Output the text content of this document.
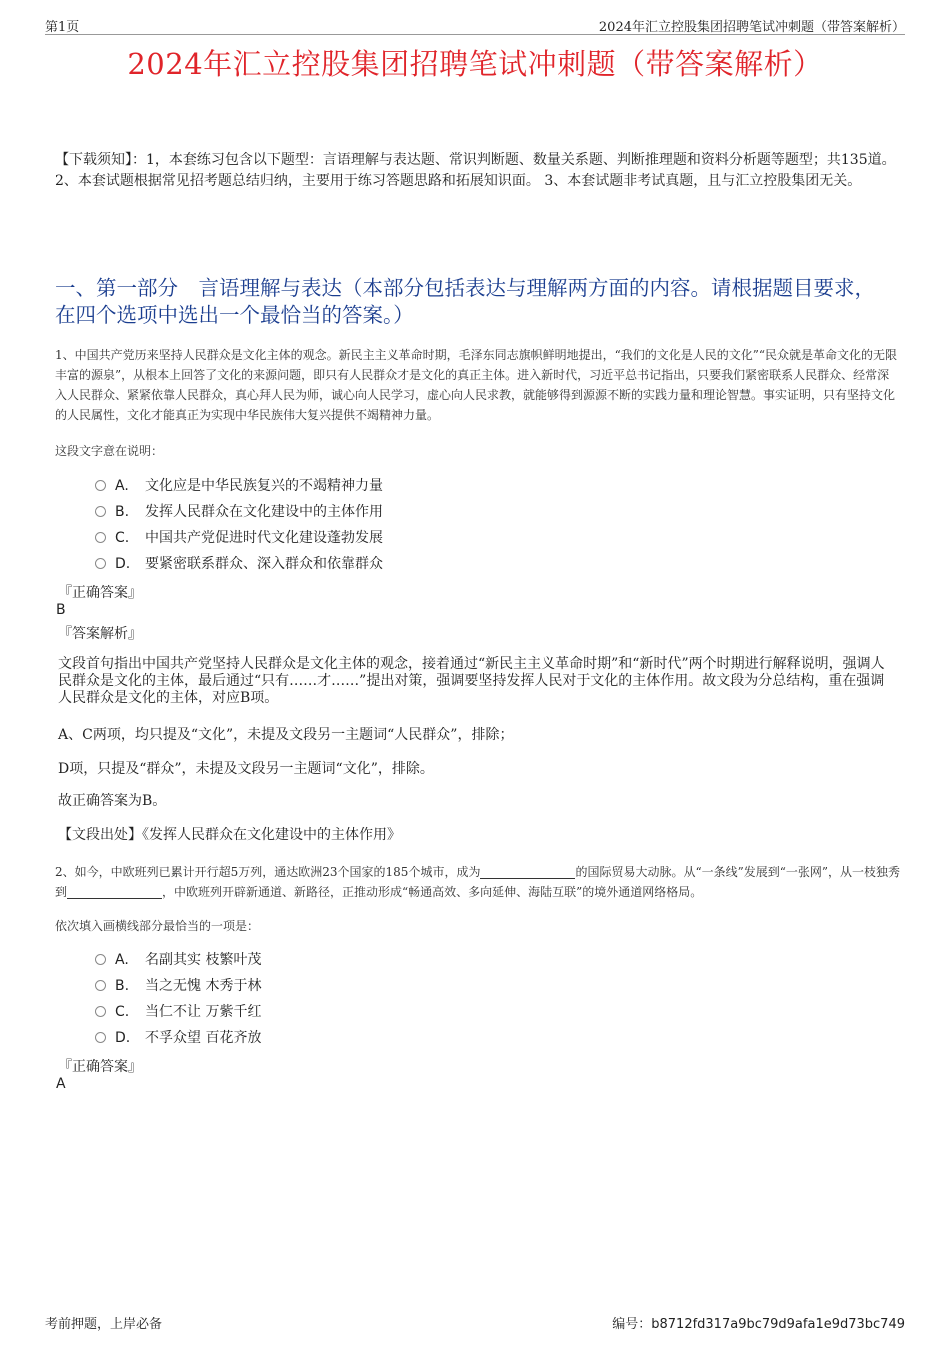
第1页	2024年汇立控股集团招聘笔试冲刺题（带答案解析）
2024年汇立控股集团招聘笔试冲刺题（带答案解析）
【下载须知】：1，本套练习包含以下题型：言语理解与表达题、常识判断题、数量关系题、判断推理题和资料分析题等题型；共135道。 2、本套试题根据常见招考题总结归纳，主要用于练习答题思路和拓展知识面。 3、本套试题非考试真题，且与汇立控股集团无关。
一、第一部分　言语理解与表达（本部分包括表达与理解两方面的内容。请根据题目要求，在四个选项中选出一个最恰当的答案。）
1、中国共产党历来坚持人民群众是文化主体的观念。新民主主义革命时期，毛泽东同志旗帜鲜明地提出，“我们的文化是人民的文化”“民众就是革命文化的无限丰富的源泉”，从根本上回答了文化的来源问题，即只有人民群众才是文化的真正主体。进入新时代，习近平总书记指出，只要我们紧密联系人民群众、经常深入人民群众、紧紧依靠人民群众，真心拜人民为师，诚心向人民学习，虚心向人民求教，就能够得到源源不断的实践力量和理论智慧。事实证明，只有坚持文化的人民属性，文化才能真正为实现中华民族伟大复兴提供不竭精神力量。
这段文字意在说明：
A. 文化应是中华民族复兴的不竭精神力量
B. 发挥人民群众在文化建设中的主体作用
C. 中国共产党促进时代文化建设蓬勃发展
D. 要紧密联系群众、深入群众和依靠群众
『正确答案』
B
『答案解析』
文段首句指出中国共产党坚持人民群众是文化主体的观念，接着通过“新民主主义革命时期”和“新时代”两个时期进行解释说明，强调人民群众是文化的主体，最后通过“只有……才……”提出对策，强调要坚持发挥人民对于文化的主体作用。故文段为分总结构，重在强调人民群众是文化的主体，对应B项。
A、C两项，均只提及“文化”，未提及文段另一主题词“人民群众”，排除；
D项，只提及“群众”，未提及文段另一主题词“文化”，排除。
故正确答案为B。
【文段出处】《发挥人民群众在文化建设中的主体作用》
2、如今，中欧班列已累计开行超5万列，通达欧洲23个国家的185个城市，成为	的国际贸易大动脉。从“一条线”发展到“一张网”，从一枝独秀到	，中欧班列开辟新通道、新路径，正推动形成“畅通高效、多向延伸、海陆互联”的境外通道网络格局。
依次填入画横线部分最恰当的一项是：
A. 名副其实 枝繁叶茂
B. 当之无愧 木秀于林
C. 当仁不让 万紫千红
D. 不孚众望 百花齐放
『正确答案』
A
考前押题，上岸必备	编号：b8712fd317a9bc79d9afa1e9d73bc749
